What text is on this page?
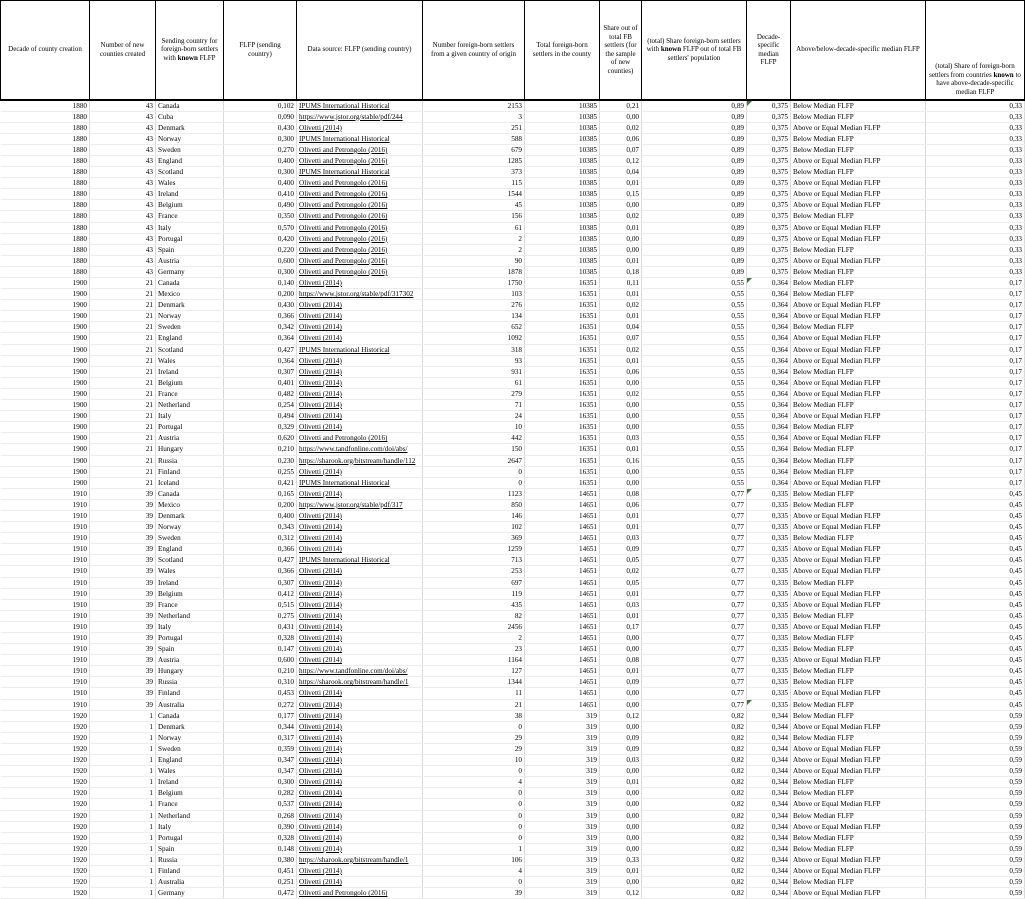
Decade of county creation	Number of new counties created	Sending country for foreign-born settlers with known FLFP	FLFP (sending country)	Data source: FLFP (sending country)	Number foreign-born settlers from a given country of origin	Total foreign-born settlers in the county	Share out of total FB settlers (for the sample of new counties)	(total) Share foreign-born settlers with known FLFP out of total FB settlers' population	Decade-specific median FLFP	Above/below-decade-specific median FLFP	(total) Share of foreign-born settlers from countries known to have above-decade-specific median FLFP
1880	43	Canada	0,102	IPUMS International Historical	2153	10385	0,21	0,89	0,375	Below Median FLFP	0,33
1880	43	Cuba	0,090	https://www.jstor.org/stable/pdf/244	3	10385	0,00	0,89	0,375	Below Median FLFP	0,33
1880	43	Denmark	0,430	Olivetti (2014)	251	10385	0,02	0,89	0,375	Above or Equal Median FLFP	0,33
1880	43	Norway	0,300	IPUMS International Historical	588	10385	0,06	0,89	0,375	Below Median FLFP	0,33
1880	43	Sweden	0,270	Olivetti and Petrongolo (2016)	679	10385	0,07	0,89	0,375	Below Median FLFP	0,33
1880	43	England	0,400	Olivetti and Petrongolo (2016)	1285	10385	0,12	0,89	0,375	Above or Equal Median FLFP	0,33
1880	43	Scotland	0,300	IPUMS International Historical	373	10385	0,04	0,89	0,375	Below Median FLFP	0,33
1880	43	Wales	0,400	Olivetti and Petrongolo (2016)	115	10385	0,01	0,89	0,375	Above or Equal Median FLFP	0,33
1880	43	Ireland	0,410	Olivetti and Petrongolo (2016)	1544	10385	0,15	0,89	0,375	Above or Equal Median FLFP	0,33
1880	43	Belgium	0,490	Olivetti and Petrongolo (2016)	45	10385	0,00	0,89	0,375	Above or Equal Median FLFP	0,33
1880	43	France	0,350	Olivetti and Petrongolo (2016)	156	10385	0,02	0,89	0,375	Below Median FLFP	0,33
1880	43	Italy	0,570	Olivetti and Petrongolo (2016)	61	10385	0,01	0,89	0,375	Above or Equal Median FLFP	0,33
1880	43	Portugal	0,420	Olivetti and Petrongolo (2016)	2	10385	0,00	0,89	0,375	Above or Equal Median FLFP	0,33
1880	43	Spain	0,220	Olivetti and Petrongolo (2016)	2	10385	0,00	0,89	0,375	Below Median FLFP	0,33
1880	43	Austria	0,600	Olivetti and Petrongolo (2016)	90	10385	0,01	0,89	0,375	Above or Equal Median FLFP	0,33
1880	43	Germany	0,300	Olivetti and Petrongolo (2016)	1878	10385	0,18	0,89	0,375	Below Median FLFP	0,33
1900	21	Canada	0,140	Olivetti (2014)	1750	16351	0,11	0,55	0,364	Below Median FLFP	0,17
1900	21	Mexico	0,200	https://www.jstor.org/stable/pdf/317302	103	16351	0,01	0,55	0,364	Below Median FLFP	0,17
1900	21	Denmark	0,430	Olivetti (2014)	276	16351	0,02	0,55	0,364	Above or Equal Median FLFP	0,17
1900	21	Norway	0,366	Olivetti (2014)	134	16351	0,01	0,55	0,364	Above or Equal Median FLFP	0,17
1900	21	Sweden	0,342	Olivetti (2014)	652	16351	0,04	0,55	0,364	Below Median FLFP	0,17
1900	21	England	0,364	Olivetti (2014)	1092	16351	0,07	0,55	0,364	Above or Equal Median FLFP	0,17
1900	21	Scotland	0,427	IPUMS International Historical	318	16351	0,02	0,55	0,364	Above or Equal Median FLFP	0,17
1900	21	Wales	0,364	Olivetti (2014)	93	16351	0,01	0,55	0,364	Above or Equal Median FLFP	0,17
1900	21	Ireland	0,307	Olivetti (2014)	931	16351	0,06	0,55	0,364	Below Median FLFP	0,17
1900	21	Belgium	0,401	Olivetti (2014)	61	16351	0,00	0,55	0,364	Above or Equal Median FLFP	0,17
1900	21	France	0,482	Olivetti (2014)	279	16351	0,02	0,55	0,364	Above or Equal Median FLFP	0,17
1900	21	Netherland	0,254	Olivetti (2014)	71	16351	0,00	0,55	0,364	Below Median FLFP	0,17
1900	21	Italy	0,494	Olivetti (2014)	24	16351	0,00	0,55	0,364	Above or Equal Median FLFP	0,17
1900	21	Portugal	0,329	Olivetti (2014)	10	16351	0,00	0,55	0,364	Below Median FLFP	0,17
1900	21	Austria	0,620	Olivetti and Petrongolo (2016)	442	16351	0,03	0,55	0,364	Above or Equal Median FLFP	0,17
1900	21	Hungary	0,210	https://www.tandfonline.com/doi/abs/	150	16351	0,01	0,55	0,364	Below Median FLFP	0,17
1900	21	Russia	0,230	https://sharook.org/bitstream/handle/112	2647	16351	0,16	0,55	0,364	Below Median FLFP	0,17
1900	21	Finland	0,255	Olivetti (2014)	0	16351	0,00	0,55	0,364	Below Median FLFP	0,17
1900	21	Iceland	0,421	IPUMS International Historical	0	16351	0,00	0,55	0,364	Above or Equal Median FLFP	0,17
1910	39	Canada	0,165	Olivetti (2014)	1123	14651	0,08	0,77	0,335	Below Median FLFP	0,45
1910	39	Mexico	0,200	https://www.jstor.org/stable/pdf/317	850	14651	0,06	0,77	0,335	Below Median FLFP	0,45
1910	39	Denmark	0,400	Olivetti (2014)	146	14651	0,01	0,77	0,335	Above or Equal Median FLFP	0,45
1910	39	Norway	0,343	Olivetti (2014)	102	14651	0,01	0,77	0,335	Above or Equal Median FLFP	0,45
1910	39	Sweden	0,312	Olivetti (2014)	369	14651	0,03	0,77	0,335	Below Median FLFP	0,45
1910	39	England	0,366	Olivetti (2014)	1259	14651	0,09	0,77	0,335	Above or Equal Median FLFP	0,45
1910	39	Scotland	0,427	IPUMS International Historical	713	14651	0,05	0,77	0,335	Above or Equal Median FLFP	0,45
1910	39	Wales	0,366	Olivetti (2014)	253	14651	0,02	0,77	0,335	Above or Equal Median FLFP	0,45
1910	39	Ireland	0,307	Olivetti (2014)	697	14651	0,05	0,77	0,335	Below Median FLFP	0,45
1910	39	Belgium	0,412	Olivetti (2014)	119	14651	0,01	0,77	0,335	Above or Equal Median FLFP	0,45
1910	39	France	0,515	Olivetti (2014)	435	14651	0,03	0,77	0,335	Above or Equal Median FLFP	0,45
1910	39	Netherland	0,275	Olivetti (2014)	82	14651	0,01	0,77	0,335	Below Median FLFP	0,45
1910	39	Italy	0,431	Olivetti (2014)	2456	14651	0,17	0,77	0,335	Above or Equal Median FLFP	0,45
1910	39	Portugal	0,328	Olivetti (2014)	2	14651	0,00	0,77	0,335	Below Median FLFP	0,45
1910	39	Spain	0,147	Olivetti (2014)	23	14651	0,00	0,77	0,335	Below Median FLFP	0,45
1910	39	Austria	0,600	Olivetti (2014)	1164	14651	0,08	0,77	0,335	Above or Equal Median FLFP	0,45
1910	39	Hungary	0,210	https://www.tandfonline.com/doi/abs/	127	14651	0,01	0,77	0,335	Below Median FLFP	0,45
1910	39	Russia	0,310	https://sharook.org/bitstream/handle/1	1344	14651	0,09	0,77	0,335	Below Median FLFP	0,45
1910	39	Finland	0,453	Olivetti (2014)	11	14651	0,00	0,77	0,335	Above or Equal Median FLFP	0,45
1910	39	Australia	0,272	Olivetti (2014)	21	14651	0,00	0,77	0,335	Below Median FLFP	0,45
1920	1	Canada	0,177	Olivetti (2014)	38	319	0,12	0,82	0,344	Below Median FLFP	0,59
1920	1	Denmark	0,344	Olivetti (2014)	0	319	0,00	0,82	0,344	Above or Equal Median FLFP	0,59
1920	1	Norway	0,317	Olivetti (2014)	29	319	0,09	0,82	0,344	Below Median FLFP	0,59
1920	1	Sweden	0,359	Olivetti (2014)	29	319	0,09	0,82	0,344	Above or Equal Median FLFP	0,59
1920	1	England	0,347	Olivetti (2014)	10	319	0,03	0,82	0,344	Above or Equal Median FLFP	0,59
1920	1	Wales	0,347	Olivetti (2014)	0	319	0,00	0,82	0,344	Above or Equal Median FLFP	0,59
1920	1	Ireland	0,300	Olivetti (2014)	4	319	0,01	0,82	0,344	Below Median FLFP	0,59
1920	1	Belgium	0,282	Olivetti (2014)	0	319	0,00	0,82	0,344	Below Median FLFP	0,59
1920	1	France	0,537	Olivetti (2014)	0	319	0,00	0,82	0,344	Above or Equal Median FLFP	0,59
1920	1	Netherland	0,268	Olivetti (2014)	0	319	0,00	0,82	0,344	Below Median FLFP	0,59
1920	1	Italy	0,390	Olivetti (2014)	0	319	0,00	0,82	0,344	Above or Equal Median FLFP	0,59
1920	1	Portugal	0,328	Olivetti (2014)	0	319	0,00	0,82	0,344	Below Median FLFP	0,59
1920	1	Spain	0,148	Olivetti (2014)	1	319	0,00	0,82	0,344	Below Median FLFP	0,59
1920	1	Russia	0,380	https://sharook.org/bitstream/handle/1	106	319	0,33	0,82	0,344	Above or Equal Median FLFP	0,59
1920	1	Finland	0,451	Olivetti (2014)	4	319	0,01	0,82	0,344	Above or Equal Median FLFP	0,59
1920	1	Australia	0,251	Olivetti (2014)	0	319	0,00	0,82	0,344	Below Median FLFP	0,59
1920	1	Germany	0,472	Olivetti and Petrongolo (2016)	39	319	0,12	0,82	0,344	Above or Equal Median FLFP	0,59
